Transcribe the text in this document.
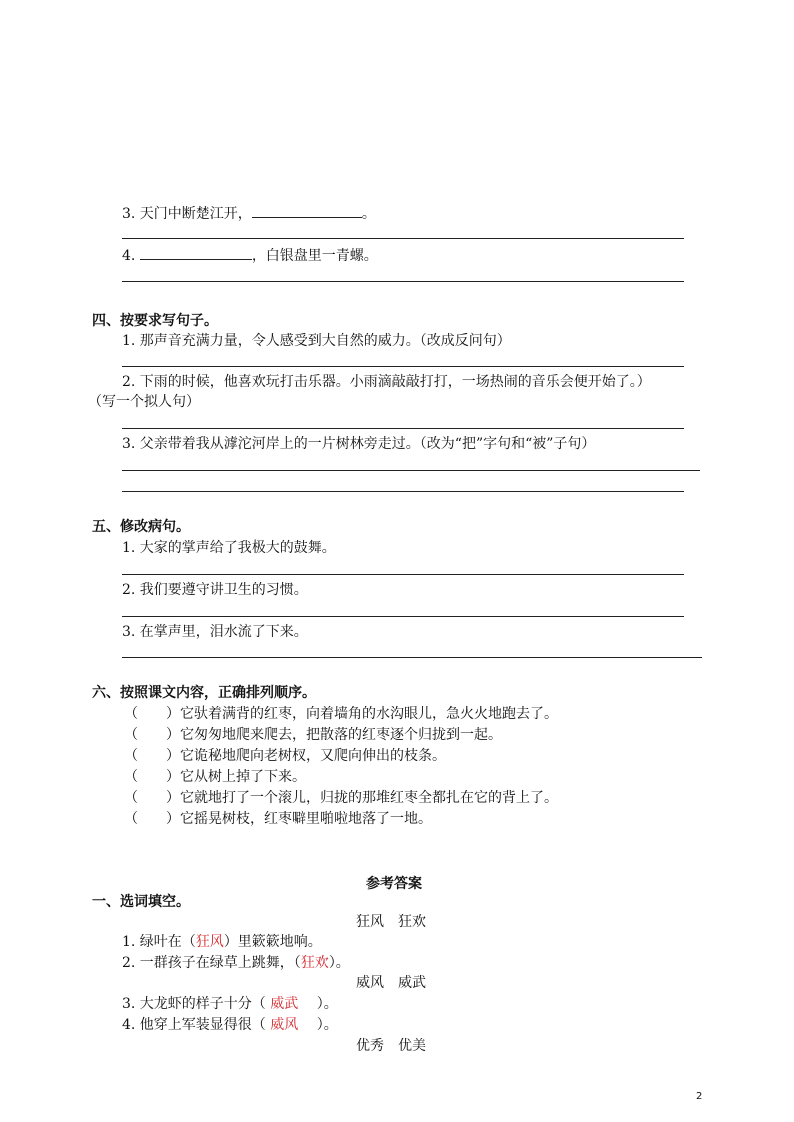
3. 天门中断楚江开，	。
4.	，白银盘里一青螺。
四、按要求写句子。
1. 那声音充满力量，令人感受到大自然的威力。（改成反问句）
2. 下雨的时候，他喜欢玩打击乐器。小雨滴敲敲打打，一场热闹的音乐会便开始了。）
（写一个拟人句）
3. 父亲带着我从滹沱河岸上的一片树林旁走过。（改为“把”字句和“被”子句）
五、修改病句。
1. 大家的掌声给了我极大的鼓舞。
2. 我们要遵守讲卫生的习惯。
3. 在掌声里，泪水流了下来。
六、按照课文内容，正确排列顺序。
（　　）它驮着满背的红枣，向着墙角的水沟眼儿，急火火地跑去了。
（　　）它匆匆地爬来爬去，把散落的红枣逐个归拢到一起。
（　　）它诡秘地爬向老树杈，又爬向伸出的枝条。
（　　）它从树上掉了下来。
（　　）它就地打了一个滚儿，归拢的那堆红枣全都扎在它的背上了。
（　　）它摇晃树枝，红枣噼里啪啦地落了一地。
参考答案
一、选词填空。
狂风　狂欢
1. 绿叶在（狂风）里簌簌地响。
2. 一群孩子在绿草上跳舞，（狂欢）。
威风　威武
3. 大龙虾的样子十分（ 威武　 ）。
4. 他穿上军装显得很（ 威风　 ）。
优秀　优美
2
